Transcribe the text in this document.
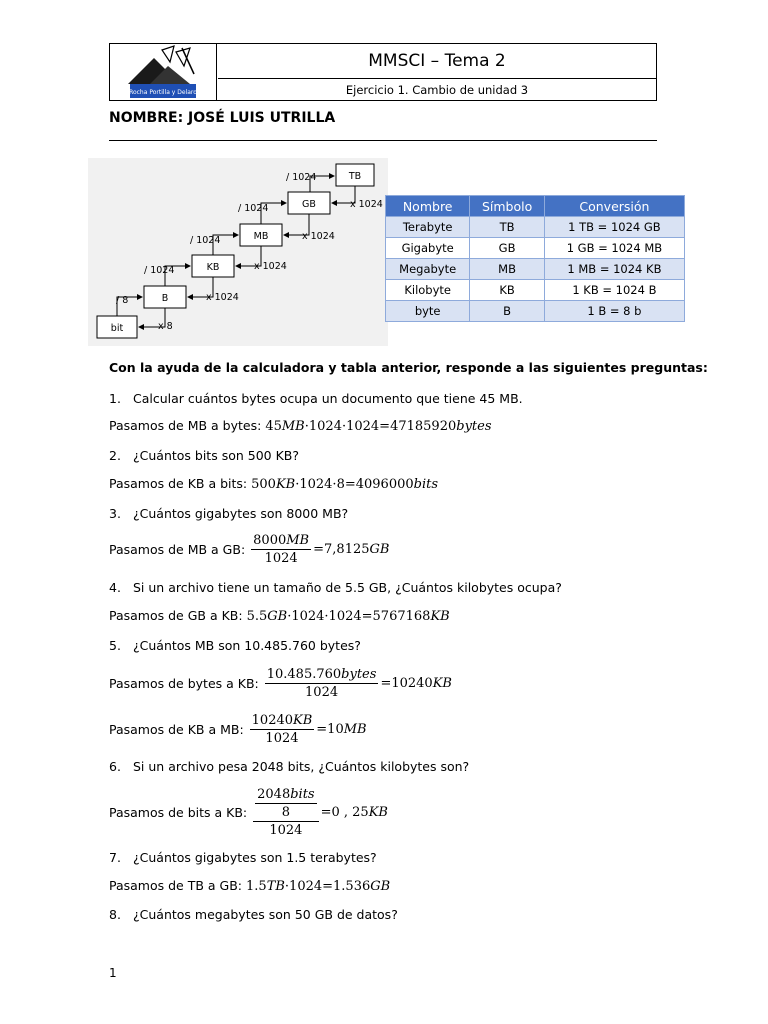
Rocha Portilla y Delaro
MMSCI – Tema 2
Ejercicio 1. Cambio de unidad 3
NOMBRE: JOSÉ LUIS UTRILLA
TB
GB
MB
KB
B
bit
/ 1024
/ 1024
/ 1024
/ 1024
/ 8
x 1024
x 1024
x 1024
x 1024
x 8
Nombre	Símbolo	Conversión
Terabyte	TB	1 TB = 1024 GB
Gigabyte	GB	1 GB = 1024 MB
Megabyte	MB	1 MB = 1024 KB
Kilobyte	KB	1 KB = 1024 B
byte	B	1 B = 8 b
Con la ayuda de la calculadora y tabla anterior, responde a las siguientes preguntas:
1. Calcular cuántos bytes ocupa un documento que tiene 45 MB.
Pasamos de MB a bytes: 45MB·1024·1024=47185920bytes
2. ¿Cuántos bits son 500 KB?
Pasamos de KB a bits: 500KB·1024·8=4096000bits
3. ¿Cuántos gigabytes son 8000 MB?
Pasamos de MB a GB:
$\frac{8000MB}{1024} =7,8125$ GB
4. Si un archivo tiene un tamaño de 5.5 GB, ¿Cuántos kilobytes ocupa?
Pasamos de GB a KB: 5.5GB·1024·1024=5767168KB
5. ¿Cuántos MB son 10.485.760 bytes?
Pasamos de bytes a KB:
$\frac{\text{10.485.760bytes}}{1024} =10240$ KB
Pasamos de KB a MB:
$\frac{10240KB}{1024} =10$ MB
6. Si un archivo pesa 2048 bits, ¿Cuántos kilobytes son?
Pasamos de bits a KB:
2048bits
8
1024 =0 , 25 KB
7. ¿Cuántos gigabytes son 1.5 terabytes?
Pasamos de TB a GB: 1.5TB·1024=1.536GB
8. ¿Cuántos megabytes son 50 GB de datos?
1
